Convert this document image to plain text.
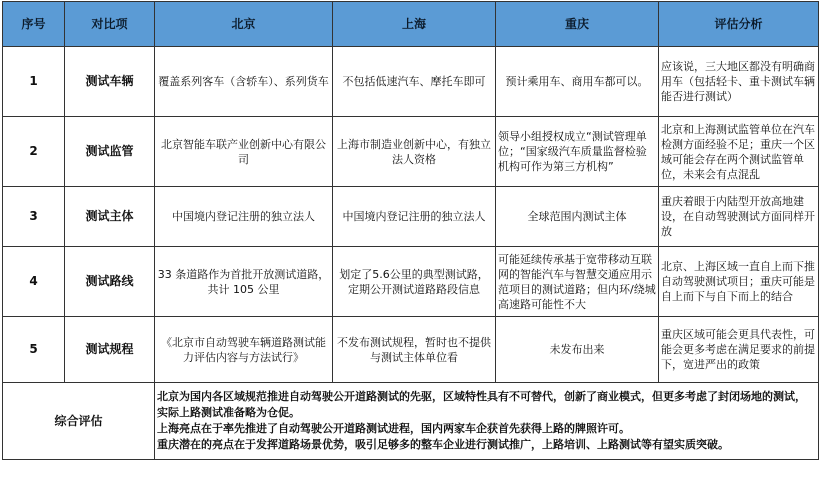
序号	对比项	北京	上海	重庆	评估分析
1	测试车辆	覆盖系列客车（含轿车）、系列货车	不包括低速汽车、摩托车即可	预计乘用车、商用车都可以。	应该说，三大地区都没有明确商用车（包括轻卡、重卡测试车辆能否进行测试）
2	测试监管	北京智能车联产业创新中心有限公司	上海市制造业创新中心，有独立法人资格	领导小组授权成立“测试管理单位；“国家级汽车质量监督检验机构可作为第三方机构”	北京和上海测试监管单位在汽车检测方面经验不足；重庆一个区域可能会存在两个测试监管单位，未来会有点混乱
3	测试主体	中国境内登记注册的独立法人	中国境内登记注册的独立法人	全球范围内测试主体	重庆着眼于内陆型开放高地建设，在自动驾驶测试方面同样开放
4	测试路线	33 条道路作为首批开放测试道路，共计 105 公里	划定了5.6公里的典型测试路，定期公开测试道路路段信息	可能延续传承基于宽带移动互联网的智能汽车与智慧交通应用示范项目的测试道路；但内环/绕城高速路可能性不大	北京、上海区域一直自上而下推自动驾驶测试项目；重庆可能是自上而下与自下而上的结合
5	测试规程	《北京市自动驾驶车辆道路测试能力评估内容与方法试行》	不发布测试规程，暂时也不提供与测试主体单位看	未发布出来	重庆区域可能会更具代表性，可能会更多考虑在满足要求的前提下，宽进严出的政策
综合评估		北京为国内各区域规范推进自动驾驶公开道路测试的先驱，区域特性具有不可替代，创新了商业模式，但更多考虑了封闭场地的测试，实际上路测试准备略为仓促。
上海亮点在于率先推进了自动驾驶公开道路测试进程，国内两家车企获首先获得上路的牌照许可。
重庆潜在的亮点在于发挥道路场景优势，吸引足够多的整车企业进行测试推广，上路培训、上路测试等有望实质突破。			
